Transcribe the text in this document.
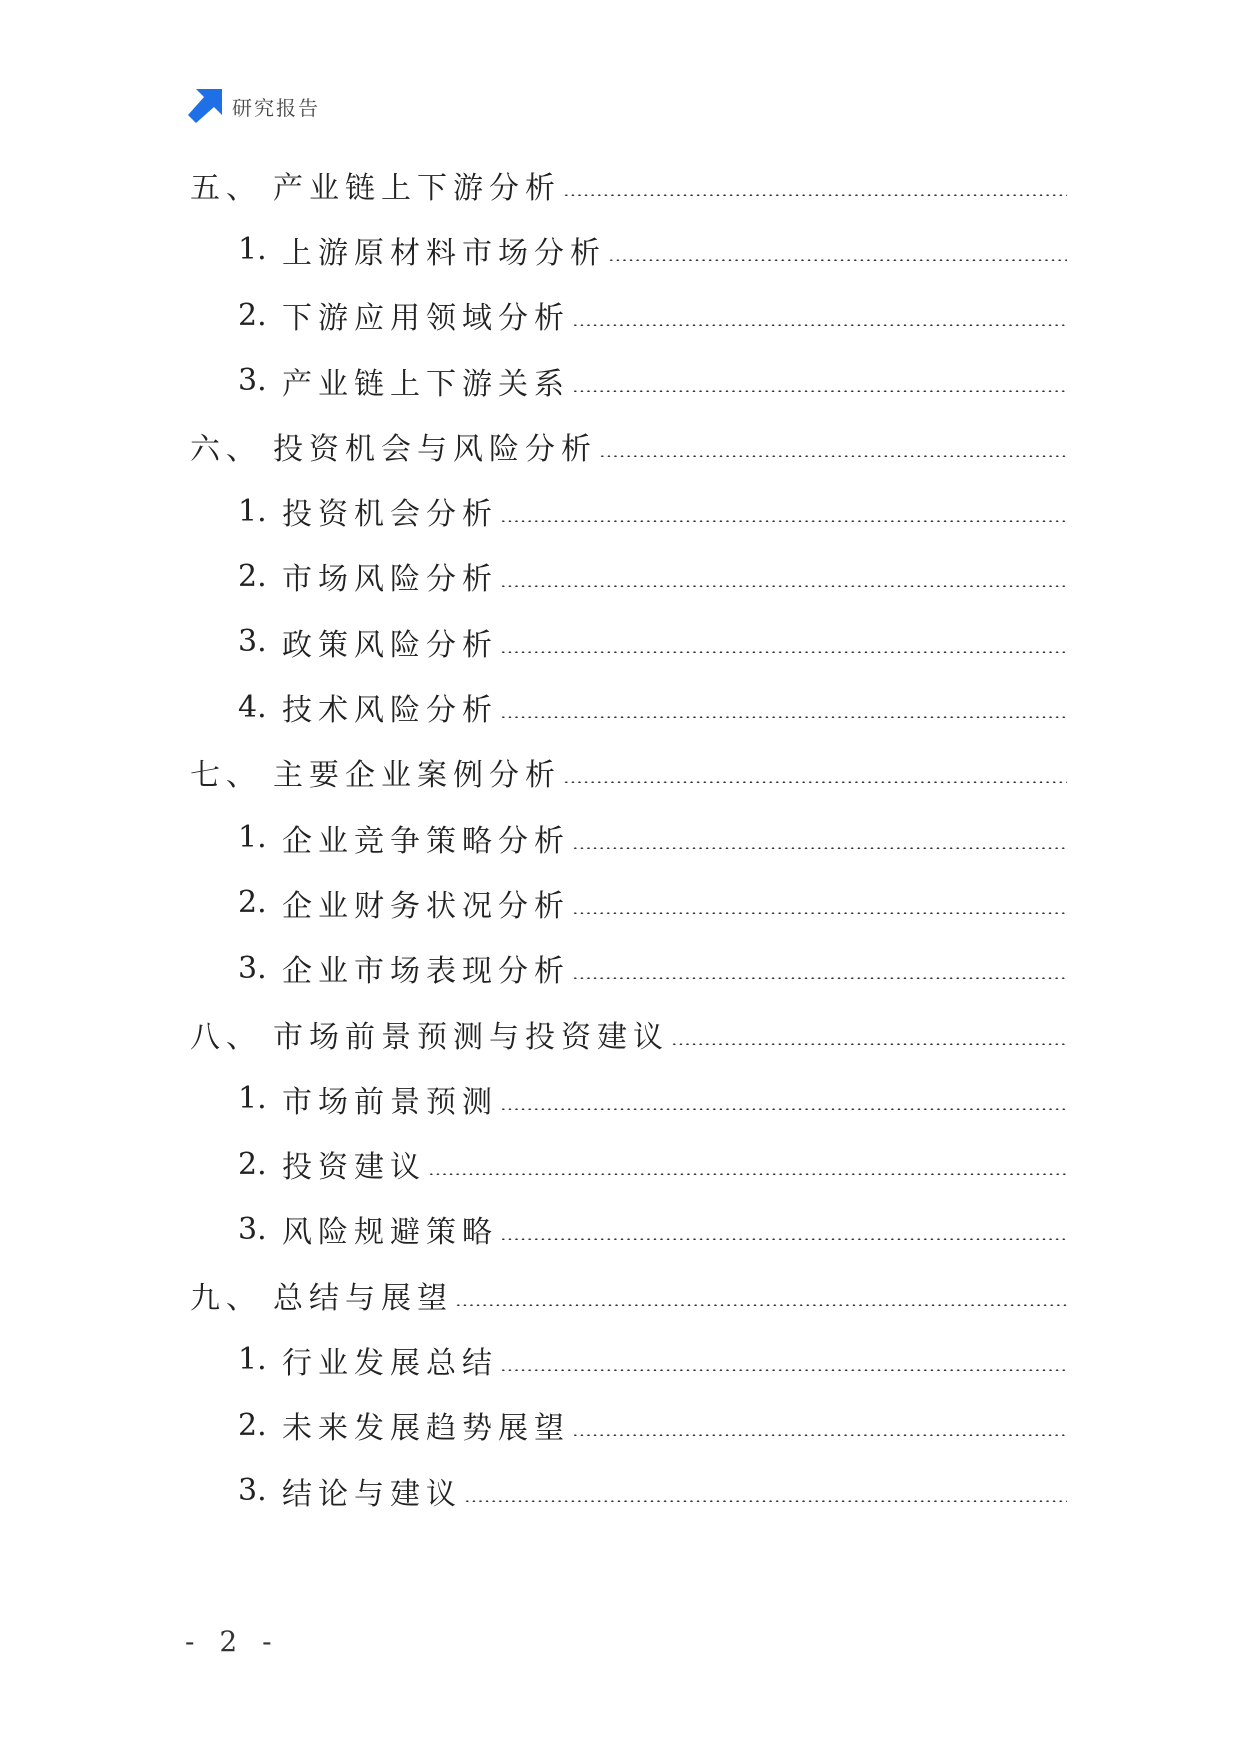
研究报告
五、 产业链上下游分析
1. 上游原材料市场分析
2. 下游应用领域分析
3. 产业链上下游关系
六、 投资机会与风险分析
1. 投资机会分析
2. 市场风险分析
3. 政策风险分析
4. 技术风险分析
七、 主要企业案例分析
1. 企业竞争策略分析
2. 企业财务状况分析
3. 企业市场表现分析
八、 市场前景预测与投资建议
1. 市场前景预测
2. 投资建议
3. 风险规避策略
九、 总结与展望
1. 行业发展总结
2. 未来发展趋势展望
3. 结论与建议
- 2 -
